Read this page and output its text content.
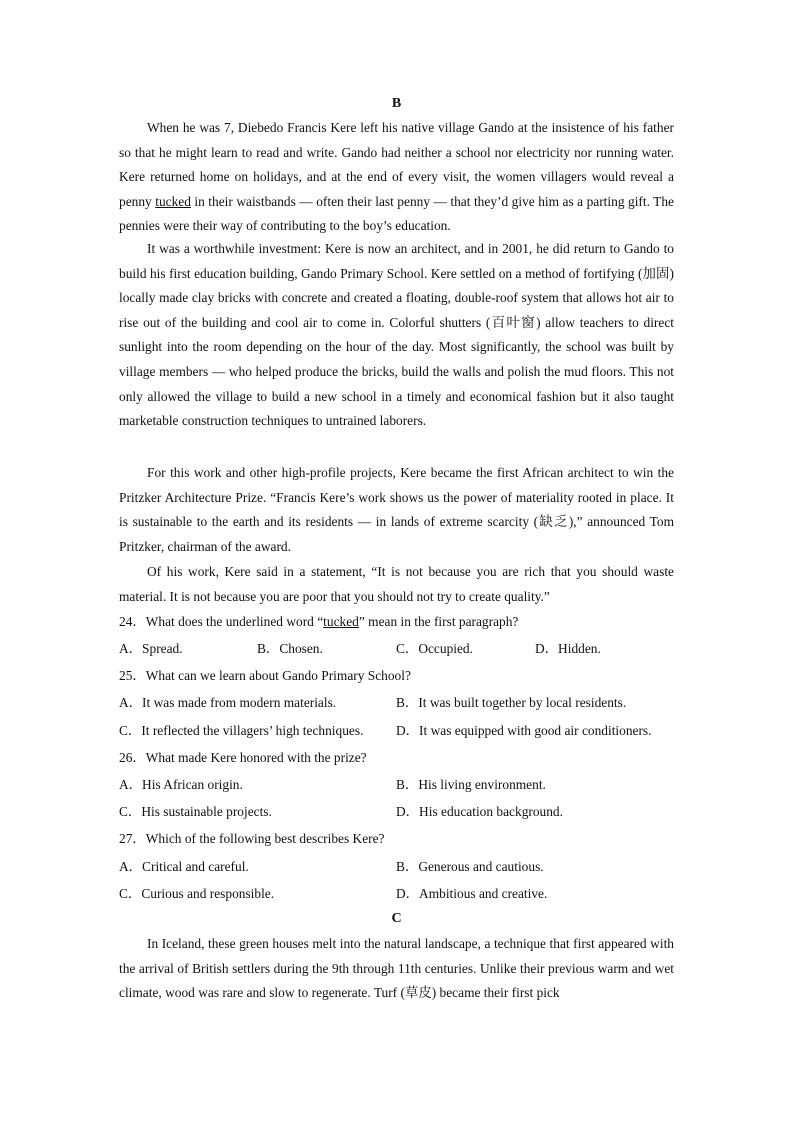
B

When he was 7, Diebedo Francis Kere left his native village Gando at the insistence of his father so that he might learn to read and write. Gando had neither a school nor electricity nor running water. Kere returned home on holidays, and at the end of every visit, the women villagers would reveal a penny tucked in their waistbands — often their last penny — that they’d give him as a parting gift. The pennies were their way of contributing to the boy’s education.

It was a worthwhile investment: Kere is now an architect, and in 2001, he did return to Gando to build his first education building, Gando Primary School. Kere settled on a method of fortifying (加固) locally made clay bricks with concrete and created a floating, double-roof system that allows hot air to rise out of the building and cool air to come in. Colorful shutters (百叶窗) allow teachers to direct sunlight into the room depending on the hour of the day. Most significantly, the school was built by village members — who helped produce the bricks, build the walls and polish the mud floors. This not only allowed the village to build a new school in a timely and economical fashion but it also taught marketable construction techniques to untrained laborers.

For this work and other high-profile projects, Kere became the first African architect to win the Pritzker Architecture Prize. “Francis Kere’s work shows us the power of materiality rooted in place. It is sustainable to the earth and its residents — in lands of extreme scarcity (缺乏),” announced Tom Pritzker, chairman of the award.

Of his work, Kere said in a statement, “It is not because you are rich that you should waste material. It is not because you are poor that you should not try to create quality.”

24．What does the underlined word “tucked” mean in the first paragraph?
A．Spread.	B．Chosen.	C．Occupied.	D．Hidden.
25．What can we learn about Gando Primary School?
A．It was made from modern materials.	B．It was built together by local residents.
C．It reflected the villagers’ high techniques. D．It was equipped with good air conditioners.
26．What made Kere honored with the prize?
A．His African origin.	B．His living environment.
C．His sustainable projects.	D．His education background.
27．Which of the following best describes Kere?
A．Critical and careful.	B．Generous and cautious.
C．Curious and responsible.	D．Ambitious and creative.
C

In Iceland, these green houses melt into the natural landscape, a technique that first appeared with the arrival of British settlers during the 9th through 11th centuries. Unlike their previous warm and wet climate, wood was rare and slow to regenerate. Turf (草皮) became their first pick
